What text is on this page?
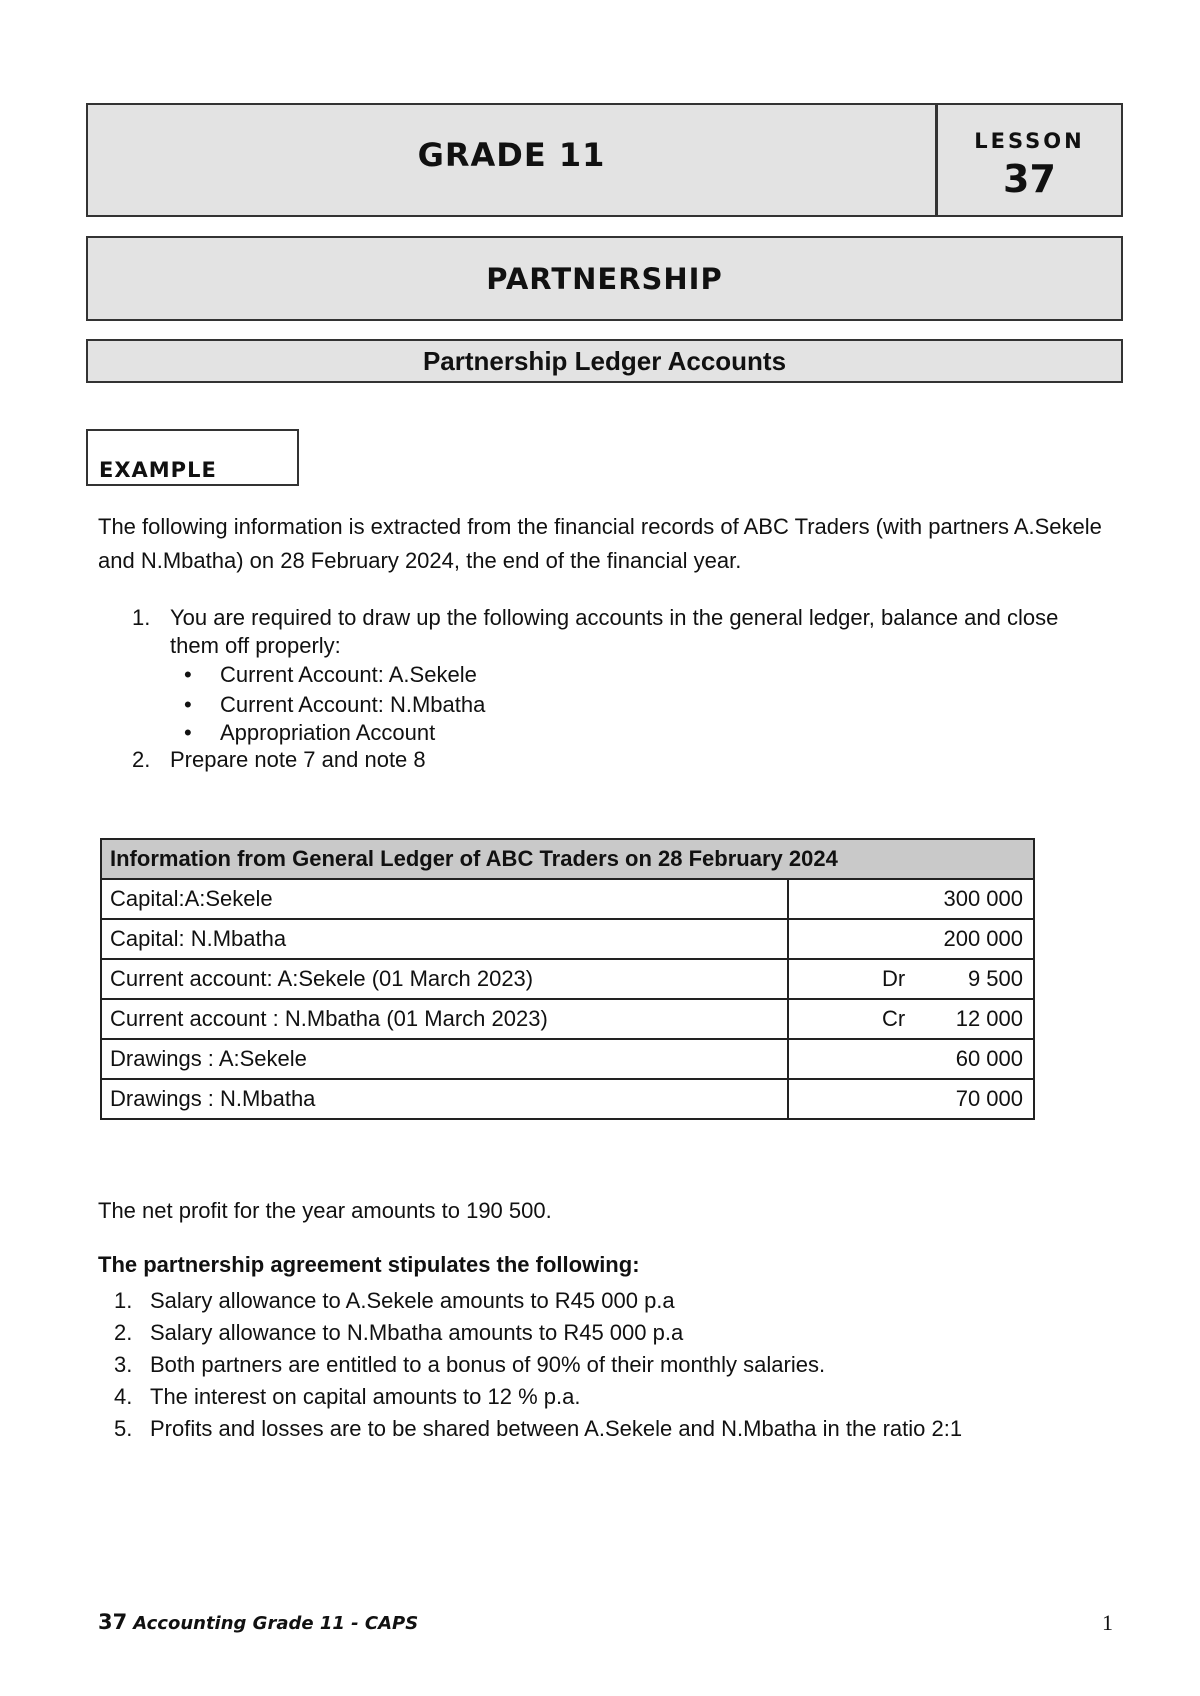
GRADE 11	LESSON
37
PARTNERSHIP
Partnership Ledger Accounts
EXAMPLE
The following information is extracted from the financial records of ABC Traders (with partners A.Sekele and N.Mbatha) on 28 February 2024, the end of the financial year.
1. You are required to draw up the following accounts in the general ledger, balance and close them off properly:
• Current Account: A.Sekele
• Current Account: N.Mbatha
• Appropriation Account
2. Prepare note 7 and note 8
Information from General Ledger of ABC Traders on 28 February 2024	
Capital:A:Sekele	300 000

Capital: N.Mbatha	200 000

Current account: A:Sekele (01 March 2023)	Dr 9 500

Current account : N.Mbatha (01 March 2023)	Cr 12 000

Drawings : A:Sekele	60 000

Drawings : N.Mbatha	70 000
The net profit for the year amounts to 190 500.
The partnership agreement stipulates the following:
1. Salary allowance to A.Sekele amounts to R45 000 p.a
2. Salary allowance to N.Mbatha amounts to R45 000 p.a
3. Both partners are entitled to a bonus of 90% of their monthly salaries.
4. The interest on capital amounts to 12 % p.a.
5. Profits and losses are to be shared between A.Sekele and N.Mbatha in the ratio 2:1
37 Accounting Grade 11 - CAPS	1
